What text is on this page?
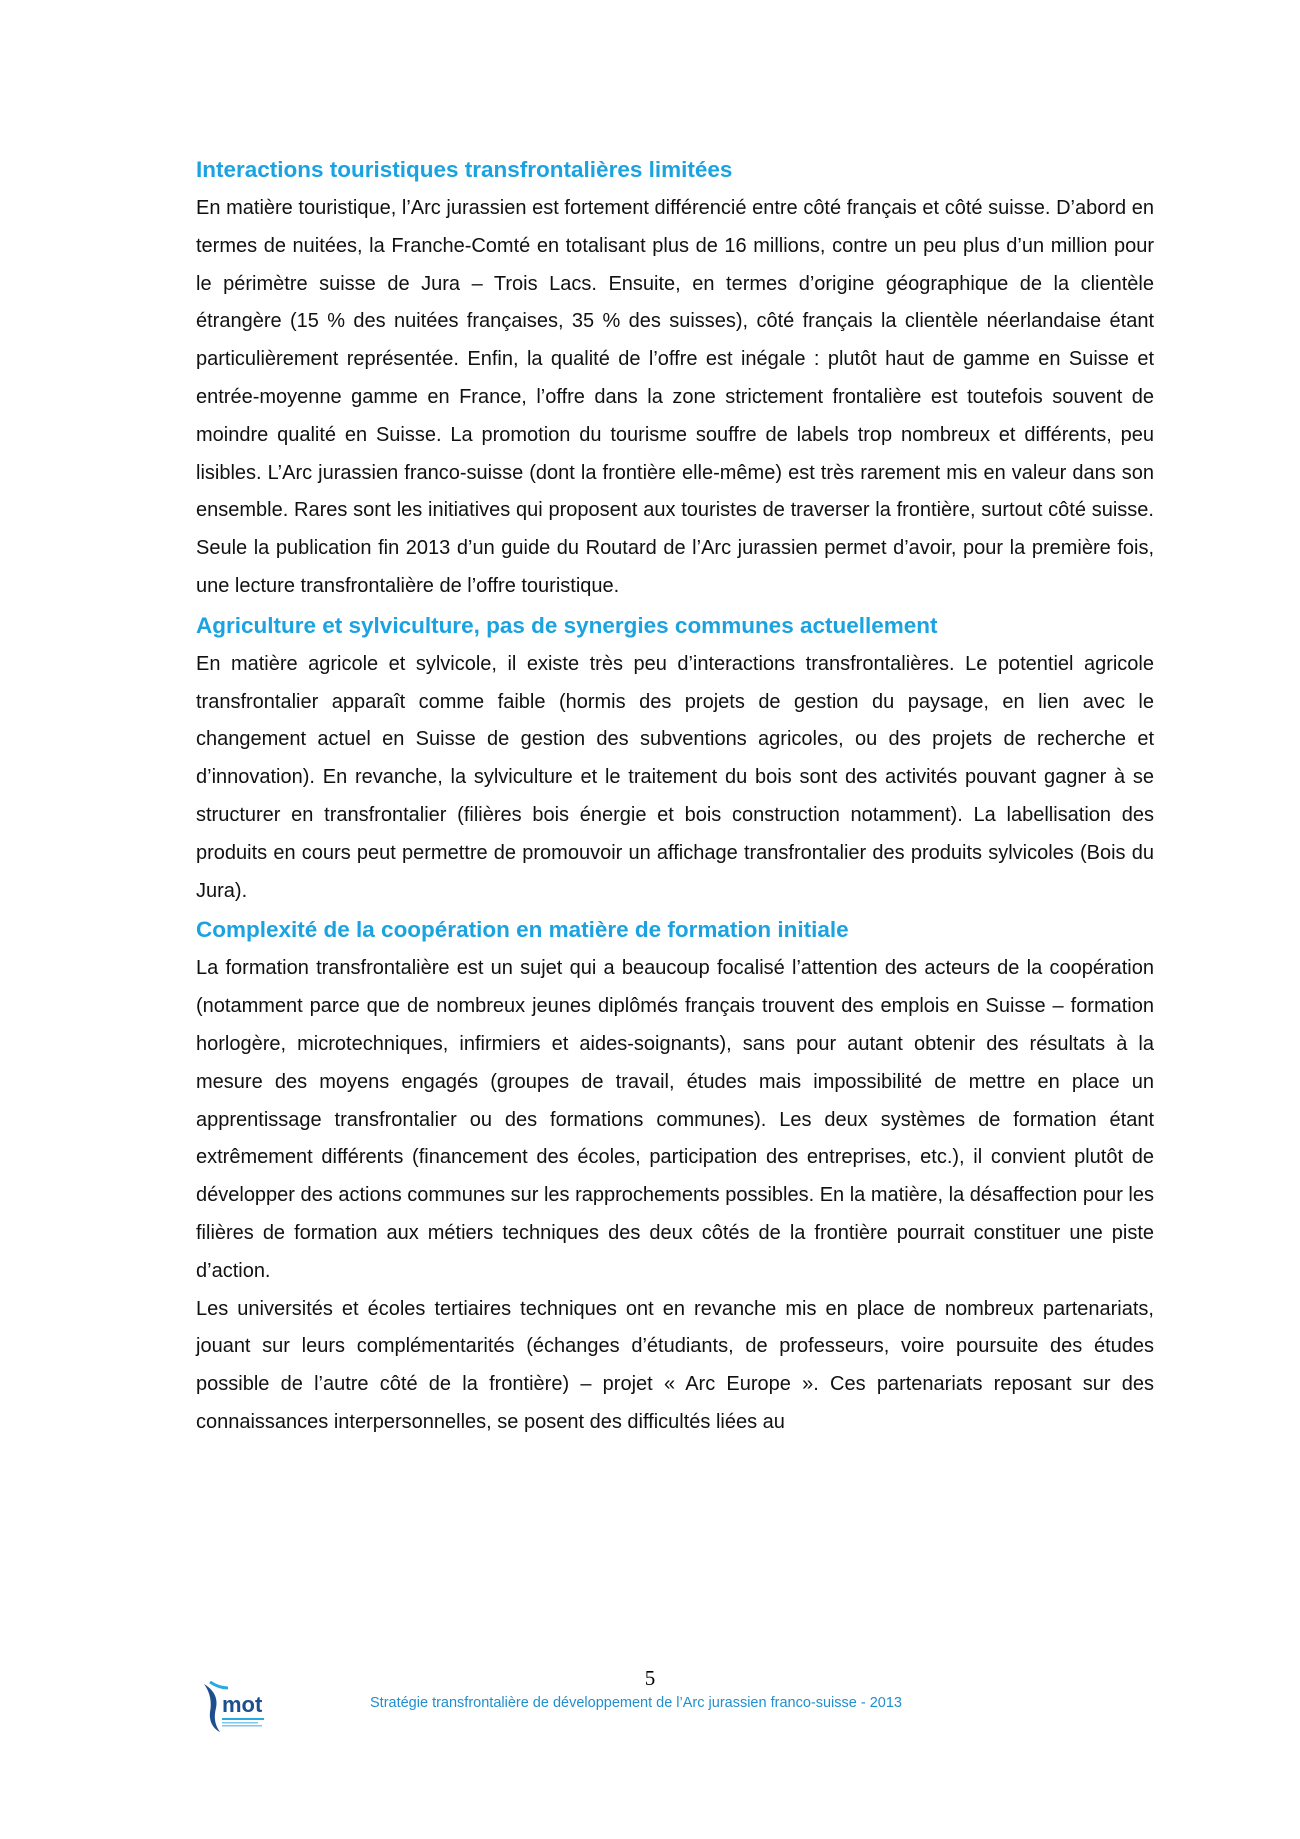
Interactions touristiques transfrontalières limitées

En matière touristique, l’Arc jurassien est fortement différencié entre côté français et côté suisse. D’abord en termes de nuitées, la Franche-Comté en totalisant plus de 16 millions, contre un peu plus d’un million pour le périmètre suisse de Jura – Trois Lacs. Ensuite, en termes d’origine géographique de la clientèle étrangère (15 % des nuitées françaises, 35 % des suisses), côté français la clientèle néerlandaise étant particulièrement représentée. Enfin, la qualité de l’offre est inégale : plutôt haut de gamme en Suisse et entrée-moyenne gamme en France, l’offre dans la zone strictement frontalière est toutefois souvent de moindre qualité en Suisse. La promotion du tourisme souffre de labels trop nombreux et différents, peu lisibles. L’Arc jurassien franco-suisse (dont la frontière elle-même) est très rarement mis en valeur dans son ensemble. Rares sont les initiatives qui proposent aux touristes de traverser la frontière, surtout côté suisse. Seule la publication fin 2013 d’un guide du Routard de l’Arc jurassien permet d’avoir, pour la première fois, une lecture transfrontalière de l’offre touristique.

Agriculture et sylviculture, pas de synergies communes actuellement

En matière agricole et sylvicole, il existe très peu d’interactions transfrontalières. Le potentiel agricole transfrontalier apparaît comme faible (hormis des projets de gestion du paysage, en lien avec le changement actuel en Suisse de gestion des subventions agricoles, ou des projets de recherche et d’innovation). En revanche, la sylviculture et le traitement du bois sont des activités pouvant gagner à se structurer en transfrontalier (filières bois énergie et bois construction notamment). La labellisation des produits en cours peut permettre de promouvoir un affichage transfrontalier des produits sylvicoles (Bois du Jura).

Complexité de la coopération en matière de formation initiale

La formation transfrontalière est un sujet qui a beaucoup focalisé l’attention des acteurs de la coopération (notamment parce que de nombreux jeunes diplômés français trouvent des emplois en Suisse – formation horlogère, microtechniques, infirmiers et aides-soignants), sans pour autant obtenir des résultats à la mesure des moyens engagés (groupes de travail, études mais impossibilité de mettre en place un apprentissage transfrontalier ou des formations communes). Les deux systèmes de formation étant extrêmement différents (financement des écoles, participation des entreprises, etc.), il convient plutôt de développer des actions communes sur les rapprochements possibles. En la matière, la désaffection pour les filières de formation aux métiers techniques des deux côtés de la frontière pourrait constituer une piste d’action.

Les universités et écoles tertiaires techniques ont en revanche mis en place de nombreux partenariats, jouant sur leurs complémentarités (échanges d’étudiants, de professeurs, voire poursuite des études possible de l’autre côté de la frontière) – projet « Arc Europe ». Ces partenariats reposant sur des connaissances interpersonnelles, se posent des difficultés liées au

5
mot	Stratégie transfrontalière de développement de l’Arc jurassien franco-suisse - 2013
